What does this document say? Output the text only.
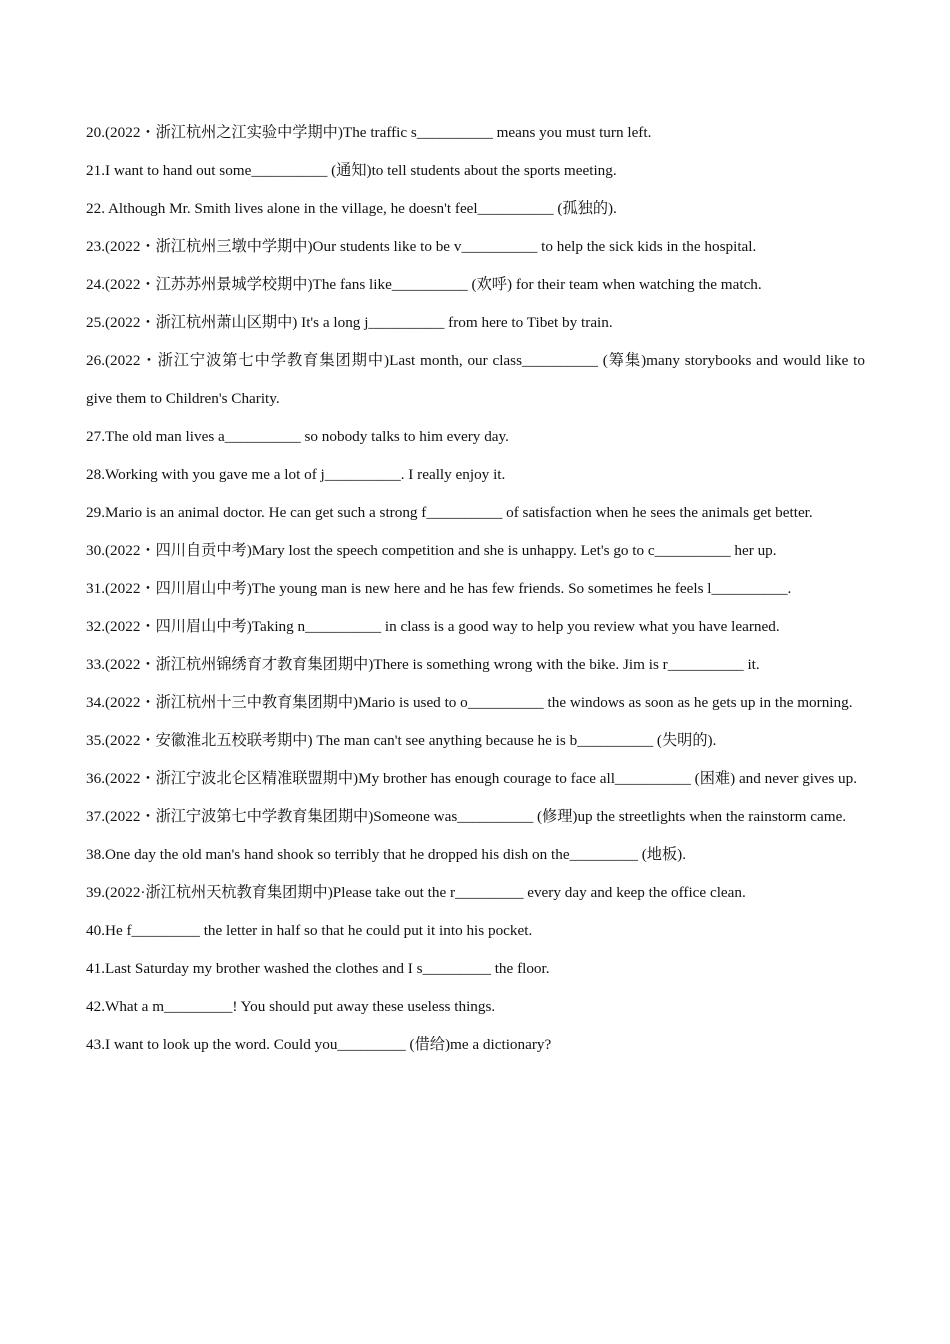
20.(2022・浙江杭州之江实验中学期中)The traffic s__________ means you must turn left.

21.I want to hand out some__________ (通知)to tell students about the sports meeting.

22. Although Mr. Smith lives alone in the village, he doesn't feel__________ (孤独的).

23.(2022・浙江杭州三墩中学期中)Our students like to be v__________ to help the sick kids in the hospital.

24.(2022・江苏苏州景城学校期中)The fans like__________ (欢呼) for their team when watching the match.

25.(2022・浙江杭州萧山区期中) It's a long j__________ from here to Tibet by train.

26.(2022・浙江宁波第七中学教育集团期中)Last month, our class__________ (筹集)many storybooks and would like to give them to Children's Charity.

27.The old man lives a__________ so nobody talks to him every day.

28.Working with you gave me a lot of j__________. I really enjoy it.

29.Mario is an animal doctor. He can get such a strong f__________ of satisfaction when he sees the animals get better.

30.(2022・四川自贡中考)Mary lost the speech competition and she is unhappy. Let's go to c__________ her up.

31.(2022・四川眉山中考)The young man is new here and he has few friends. So sometimes he feels l__________.

32.(2022・四川眉山中考)Taking n__________ in class is a good way to help you review what you have learned.

33.(2022・浙江杭州锦绣育才教育集团期中)There is something wrong with the bike. Jim is r__________ it.

34.(2022・浙江杭州十三中教育集团期中)Mario is used to o__________ the windows as soon as he gets up in the morning.

35.(2022・安徽淮北五校联考期中) The man can't see anything because he is b__________ (失明的).

36.(2022・浙江宁波北仑区精准联盟期中)My brother has enough courage to face all__________ (困难) and never gives up.

37.(2022・浙江宁波第七中学教育集团期中)Someone was__________ (修理)up the streetlights when the rainstorm came.

38.One day the old man's hand shook so terribly that he dropped his dish on the_________ (地板).

39.(2022·浙江杭州天杭教育集团期中)Please take out the r_________ every day and keep the office clean.

40.He f_________ the letter in half so that he could put it into his pocket.

41.Last Saturday my brother washed the clothes and I s_________ the floor.

42.What a m_________! You should put away these useless things.

43.I want to look up the word. Could you_________ (借给)me a dictionary?
